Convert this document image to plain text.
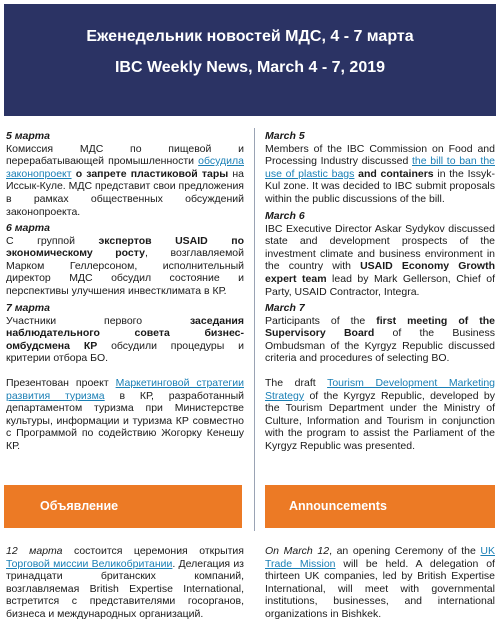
Еженедельник новостей МДС, 4 - 7 марта
IBC Weekly News, March 4 - 7, 2019
5 марта
Комиссия МДС по пищевой и перерабатывающей промышленности обсудила законопроект о запрете пластиковой тары на Иссык-Куле. МДС представит свои предложения в рамках общественных обсуждений законопроекта.
6 марта
С группой экспертов USAID по экономическому росту, возглавляемой Марком Геллерсоном, исполнительный директор МДС обсудил состояние и перспективы улучшения инвестклимата в КР.
7 марта
Участники первого заседания наблюдательного совета бизнес-омбудсмена КР обсудили процедуры и критерии отбора БО.
Презентован проект Маркетинговой стратегии развития туризма в КР, разработанный департаментом туризма при Министерстве культуры, информации и туризма КР совместно с Программой по содействию Жогорку Кенешу КР.
March 5
Members of the IBC Commission on Food and Processing Industry discussed the bill to ban the use of plastic bags and containers in the Issyk-Kul zone. It was decided to IBC submit proposals within the public discussions of the bill.
March 6
IBC Executive Director Askar Sydykov discussed state and development prospects of the investment climate and business environment in the country with USAID Economy Growth expert team lead by Mark Gellerson, Chief of Party, USAID Contractor, Integra.
March 7
Participants of the first meeting of the Supervisory Board of the Business Ombudsman of the Kyrgyz Republic discussed criteria and procedures of selecting BO.
The draft Tourism Development Marketing Strategy of the Kyrgyz Republic, developed by the Tourism Department under the Ministry of Culture, Information and Tourism in conjunction with the program to assist the Parliament of the Kyrgyz Republic was presented.
Объявление	Announcements
12 марта состоится церемония открытия Торговой миссии Великобритании. Делегация из тринадцати британских компаний, возглавляемая British Expertise International, встретится с представителями госорганов, бизнеса и международных организаций.
On March 12, an opening Ceremony of the UK Trade Mission will be held. A delegation of thirteen UK companies, led by British Expertise International, will meet with governmental institutions, businesses, and international organizations in Bishkek.
